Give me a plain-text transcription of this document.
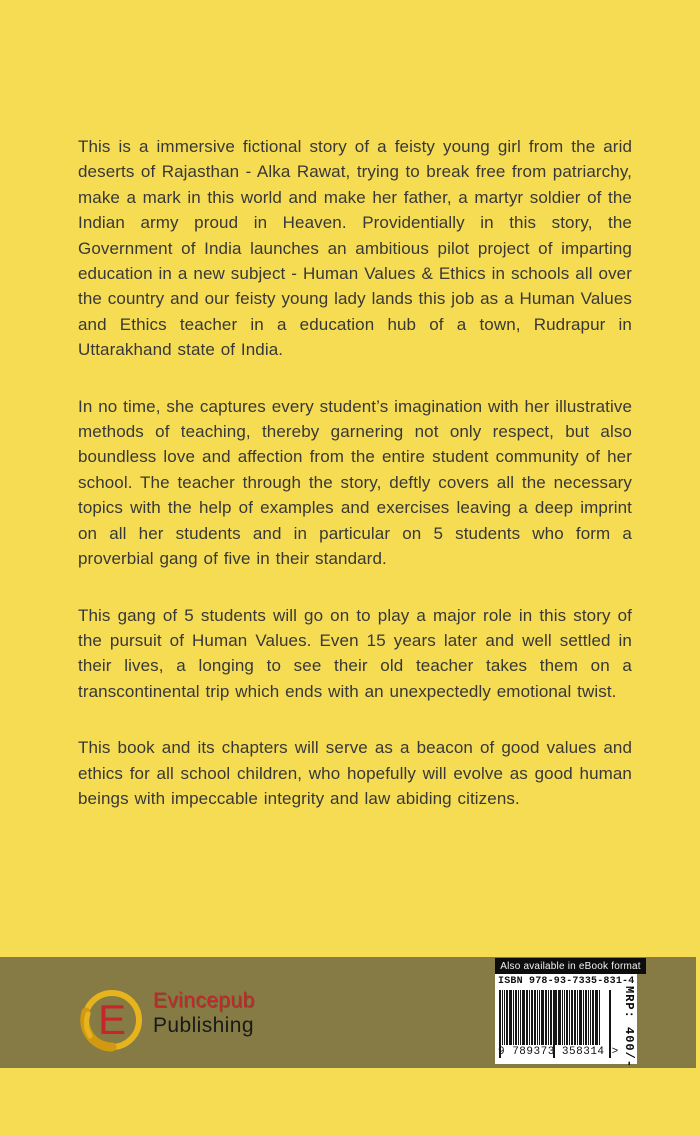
This is a immersive fictional story of a feisty young girl from the arid deserts of Rajasthan - Alka Rawat, trying to break free from patriarchy, make a mark in this world and make her father, a martyr soldier of the Indian army proud in Heaven. Providentially in this story, the Government of India launches an ambitious pilot project of imparting education in a new subject - Human Values & Ethics in schools all over the country and our feisty young lady lands this job as a Human Values and Ethics teacher in a education hub of a town, Rudrapur in Uttarakhand state of India.

In no time, she captures every student’s imagination with her illustrative methods of teaching, thereby garnering not only respect, but also boundless love and affection from the entire student community of her school. The teacher through the story, deftly covers all the necessary topics with the help of examples and exercises leaving a deep imprint on all her students and in particular on 5 students who form a proverbial gang of five in their standard.

This gang of 5 students will go on to play a major role in this story of the pursuit of Human Values. Even 15 years later and well settled in their lives, a longing to see their old teacher takes them on a transcontinental trip which ends with an unexpectedly emotional twist.

This book and its chapters will serve as a beacon of good values and ethics for all school children, who hopefully will evolve as good human beings with impeccable integrity and law abiding citizens.

E	Evincepub
Publishing
Also available in eBook format
ISBN 978-93-7335-831-4
9 789373 358314 > MRP: 400/-
